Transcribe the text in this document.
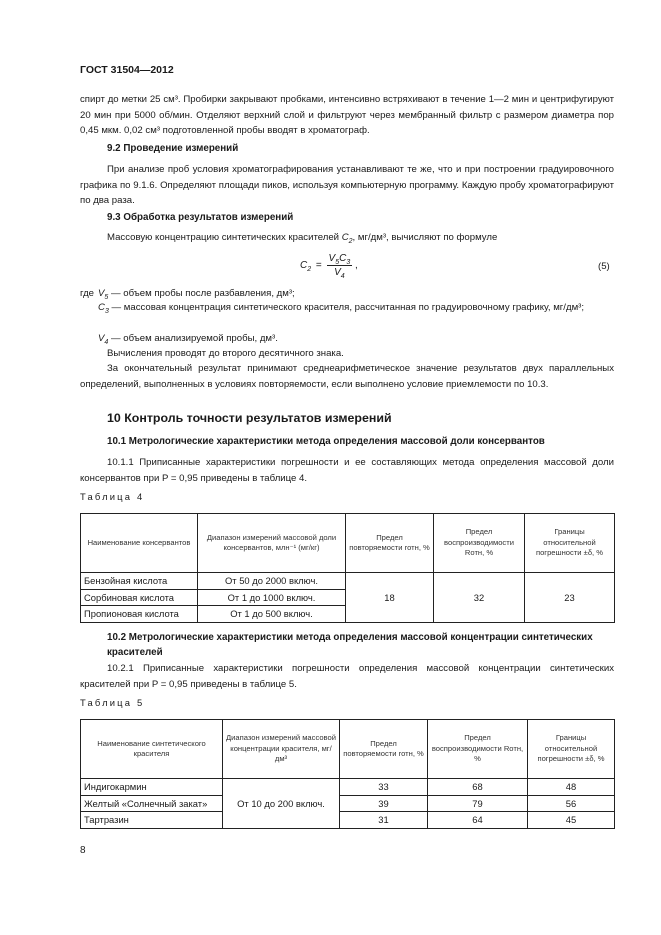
ГОСТ 31504—2012

спирт до метки 25 см³. Пробирки закрывают пробками, интенсивно встряхивают в течение 1—2 мин и центрифугируют 20 мин при 5000 об/мин. Отделяют верхний слой и фильтруют через мембранный фильтр с размером диаметра пор 0,45 мкм. 0,02 см³ подготовленной пробы вводят в хроматограф.

9.2 Проведение измерений

При анализе проб условия хроматографирования устанавливают те же, что и при построении градуировочного графика по 9.1.6. Определяют площади пиков, используя компьютерную программу. Каждую пробу хроматографируют по два раза.

9.3 Обработка результатов измерений

Массовую концентрацию синтетических красителей $C_2$, мг/дм³, вычисляют по формуле

$C_2 = \frac{V_5C_3}{V_4}$ ,	(5)
где $V_5$ — объем пробы после разбавления, дм³;
$C_3$ — массовая концентрация синтетического красителя, рассчитанная по градуировочному графику, мг/дм³;
$V_4$ — объем анализируемой пробы, дм³.

Вычисления проводят до второго десятичного знака.

За окончательный результат принимают среднеарифметическое значение результатов двух параллельных определений, выполненных в условиях повторяемости, если выполнено условие приемлемости по 10.3.

10 Контроль точности результатов измерений
10.1 Метрологические характеристики метода определения массовой доли консервантов

10.1.1 Приписанные характеристики погрешности и ее составляющих метода определения массовой доли консервантов при P = 0,95 приведены в таблице 4.

Таблица 4
Наименование консервантов	Диапазон измерений массовой доли консервантов, млн⁻¹ (мг/кг)	Предел повторяемости rотн, %	Предел воспроизводимости Rотн, %	Границы относительной погрешности ±δ, %
Бензойная кислота	От 50 до 2000 включ.	18	32	23
Сорбиновая кислота	От 1 до 1000 включ.			
Пропионовая кислота	От 1 до 500 включ.			
10.2 Метрологические характеристики метода определения массовой концентрации синтетических красителей

10.2.1 Приписанные характеристики погрешности определения массовой концентрации синтетических красителей при P = 0,95 приведены в таблице 5.

Таблица 5
Наименование синтетического красителя	Диапазон измерений массовой концентрации красителя, мг/дм³	Предел повторяемости rотн, %	Предел воспроизводимости Rотн, %	Границы относительной погрешности ±δ, %
Индигокармин	От 10 до 200 включ.	33	68	48
Желтый «Солнечный закат»		39	79	56
Тартразин		31	64	45
8
